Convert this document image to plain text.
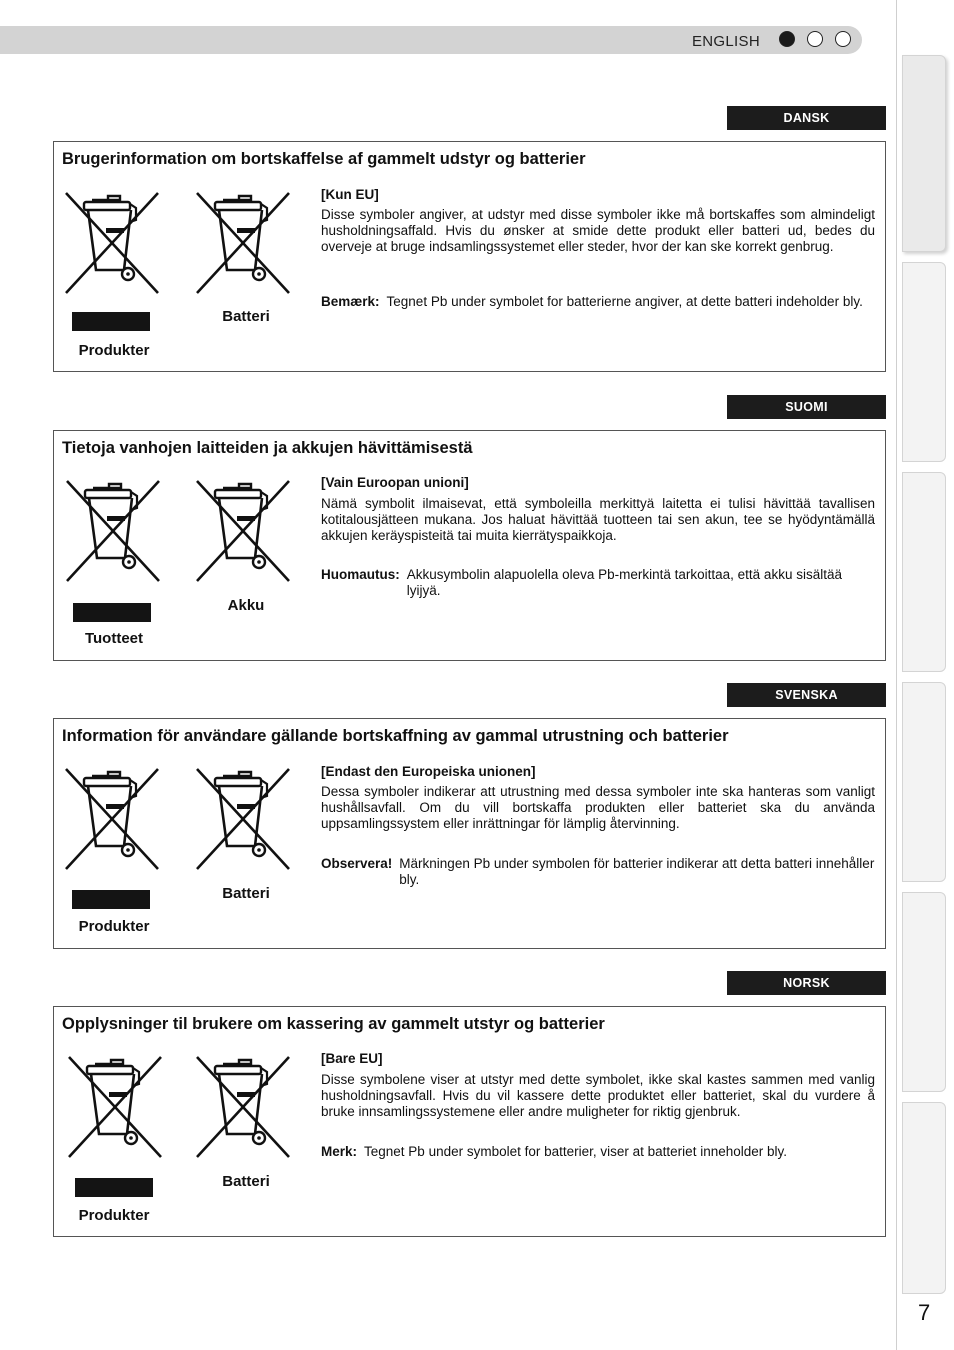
ENGLISH
7
DANSK
Brugerinformation om bortskaffelse af gammelt udstyr og batterier
Produkter
Batteri
[Kun EU]
Disse symboler angiver, at udstyr med disse symboler ikke må bortskaffes som almindeligt husholdningsaffald. Hvis du ønsker at smide dette produkt eller batteri ud, bedes du overveje at bruge indsamlingssystemet eller steder, hvor der kan ske korrekt genbrug.
Bemærk: Tegnet Pb under symbolet for batterierne angiver, at dette batteri indeholder bly.
SUOMI
Tietoja vanhojen laitteiden ja akkujen hävittämisestä
Tuotteet
Akku
[Vain Euroopan unioni]
Nämä symbolit ilmaisevat, että symboleilla merkittyä laitetta ei tulisi hävittää tavallisen kotitalousjätteen mukana. Jos haluat hävittää tuotteen tai sen akun, tee se hyödyntämällä akkujen keräyspisteitä tai muita kierrätyspaikkoja.
Huomautus: Akkusymbolin alapuolella oleva Pb-merkintä tarkoittaa, että akku sisältää lyijyä.
SVENSKA
Information för användare gällande bortskaffning av gammal utrustning och batterier
Produkter
Batteri
[Endast den Europeiska unionen]
Dessa symboler indikerar att utrustning med dessa symboler inte ska hanteras som vanligt hushållsavfall. Om du vill bortskaffa produkten eller batteriet ska du använda uppsamlingssystem eller inrättningar för lämplig återvinning.
Observera! Märkningen Pb under symbolen för batterier indikerar att detta batteri innehåller bly.
NORSK
Opplysninger til brukere om kassering av gammelt utstyr og batterier
Produkter
Batteri
[Bare EU]
Disse symbolene viser at utstyr med dette symbolet, ikke skal kastes sammen med vanlig husholdningsavfall. Hvis du vil kassere dette produktet eller batteriet, skal du vurdere å bruke innsamlingssystemene eller andre muligheter for riktig gjenbruk.
Merk: Tegnet Pb under symbolet for batterier, viser at batteriet inneholder bly.
